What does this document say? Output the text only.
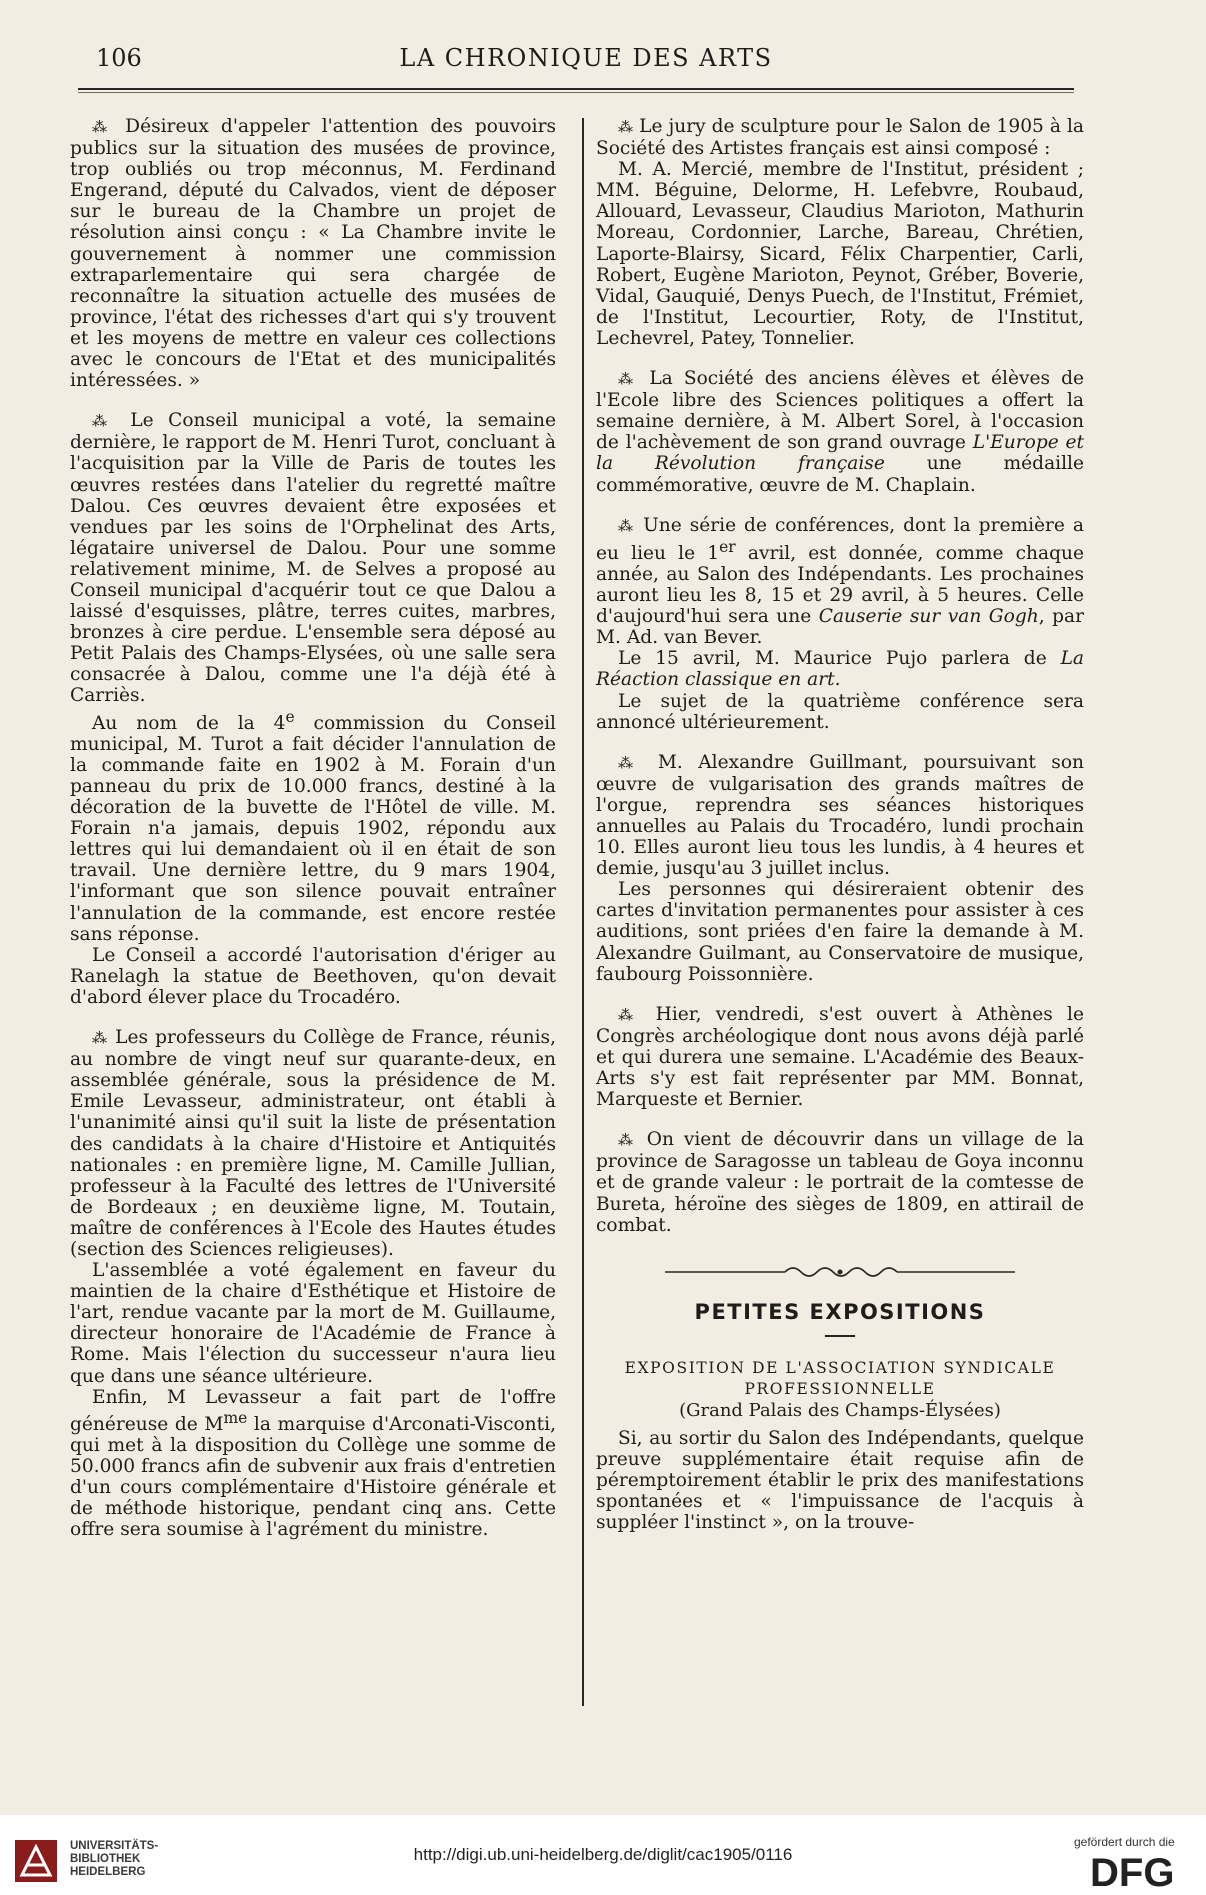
106	LA CHRONIQUE DES ARTS

⁂ Désireux d'appeler l'attention des pouvoirs publics sur la situation des musées de province, trop oubliés ou trop méconnus, M. Ferdinand Engerand, député du Calvados, vient de déposer sur le bureau de la Chambre un projet de résolution ainsi conçu : « La Chambre invite le gouvernement à nommer une commission extraparlementaire qui sera chargée de reconnaître la situation actuelle des musées de province, l'état des richesses d'art qui s'y trouvent et les moyens de mettre en valeur ces collections avec le concours de l'Etat et des municipalités intéressées. »

⁂ Le Conseil municipal a voté, la semaine dernière, le rapport de M. Henri Turot, concluant à l'acquisition par la Ville de Paris de toutes les œuvres restées dans l'atelier du regretté maître Dalou. Ces œuvres devaient être exposées et vendues par les soins de l'Orphelinat des Arts, légataire universel de Dalou. Pour une somme relativement minime, M. de Selves a proposé au Conseil municipal d'acquérir tout ce que Dalou a laissé d'esquisses, plâtre, terres cuites, marbres, bronzes à cire perdue. L'ensemble sera déposé au Petit Palais des Champs-Elysées, où une salle sera consacrée à Dalou, comme une l'a déjà été à Carriès.

Au nom de la 4e commission du Conseil municipal, M. Turot a fait décider l'annulation de la commande faite en 1902 à M. Forain d'un panneau du prix de 10.000 francs, destiné à la décoration de la buvette de l'Hôtel de ville. M. Forain n'a jamais, depuis 1902, répondu aux lettres qui lui demandaient où il en était de son travail. Une dernière lettre, du 9 mars 1904, l'informant que son silence pouvait entraîner l'annulation de la commande, est encore restée sans réponse.

Le Conseil a accordé l'autorisation d'ériger au Ranelagh la statue de Beethoven, qu'on devait d'abord élever place du Trocadéro.

⁂ Les professeurs du Collège de France, réunis, au nombre de vingt neuf sur quarante-deux, en assemblée générale, sous la présidence de M. Emile Levasseur, administrateur, ont établi à l'unanimité ainsi qu'il suit la liste de présentation des candidats à la chaire d'Histoire et Antiquités nationales : en première ligne, M. Camille Jullian, professeur à la Faculté des lettres de l'Université de Bordeaux ; en deuxième ligne, M. Toutain, maître de conférences à l'Ecole des Hautes études (section des Sciences religieuses).

L'assemblée a voté également en faveur du maintien de la chaire d'Esthétique et Histoire de l'art, rendue vacante par la mort de M. Guillaume, directeur honoraire de l'Académie de France à Rome. Mais l'élection du successeur n'aura lieu que dans une séance ultérieure.

Enfin, M Levasseur a fait part de l'offre généreuse de $M^{me}$ la marquise d'Arconati-Visconti, qui met à la disposition du Collège une somme de 50.000 francs afin de subvenir aux frais d'entretien d'un cours complémentaire d'Histoire générale et de méthode historique, pendant cinq ans. Cette offre sera soumise à l'agrément du ministre.

⁂ Le jury de sculpture pour le Salon de 1905 à la Société des Artistes français est ainsi composé :

M. A. Mercié, membre de l'Institut, président ; MM. Béguine, Delorme, H. Lefebvre, Roubaud, Allouard, Levasseur, Claudius Marioton, Mathurin Moreau, Cordonnier, Larche, Bareau, Chrétien, Laporte-Blairsy, Sicard, Félix Charpentier, Carli, Robert, Eugène Marioton, Peynot, Gréber, Boverie, Vidal, Gauquié, Denys Puech, de l'Institut, Frémiet, de l'Institut, Lecourtier, Roty, de l'Institut, Lechevrel, Patey, Tonnelier.

⁂ La Société des anciens élèves et élèves de l'Ecole libre des Sciences politiques a offert la semaine dernière, à M. Albert Sorel, à l'occasion de l'achèvement de son grand ouvrage L'Europe et la Révolution française une médaille commémorative, œuvre de M. Chaplain.

⁂ Une série de conférences, dont la première a eu lieu le 1er avril, est donnée, comme chaque année, au Salon des Indépendants. Les prochaines auront lieu les 8, 15 et 29 avril, à 5 heures. Celle d'aujourd'hui sera une Causerie sur van Gogh, par M. Ad. van Bever.

Le 15 avril, M. Maurice Pujo parlera de La Réaction classique en art.

Le sujet de la quatrième conférence sera annoncé ultérieurement.

⁂ M. Alexandre Guillmant, poursuivant son œuvre de vulgarisation des grands maîtres de l'orgue, reprendra ses séances historiques annuelles au Palais du Trocadéro, lundi prochain 10. Elles auront lieu tous les lundis, à 4 heures et demie, jusqu'au 3 juillet inclus.

Les personnes qui désireraient obtenir des cartes d'invitation permanentes pour assister à ces auditions, sont priées d'en faire la demande à M. Alexandre Guilmant, au Conservatoire de musique, faubourg Poissonnière.

⁂ Hier, vendredi, s'est ouvert à Athènes le Congrès archéologique dont nous avons déjà parlé et qui durera une semaine. L'Académie des Beaux-Arts s'y est fait représenter par MM. Bonnat, Marqueste et Bernier.

⁂ On vient de découvrir dans un village de la province de Saragosse un tableau de Goya inconnu et de grande valeur : le portrait de la comtesse de Bureta, héroïne des sièges de 1809, en attirail de combat.

PETITES EXPOSITIONS
EXPOSITION DE L'ASSOCIATION SYNDICALE
PROFESSIONNELLE
(Grand Palais des Champs-Élysées)

Si, au sortir du Salon des Indépendants, quelque preuve supplémentaire était requise afin de péremptoirement établir le prix des manifestations spontanées et « l'impuissance de l'acquis à suppléer l'instinct », on la trouve-

UNIVERSITÄTS-
BIBLIOTHEK
HEIDELBERG
http://digi.ub.uni-heidelberg.de/diglit/cac1905/0116
gefördert durch die
DFG
